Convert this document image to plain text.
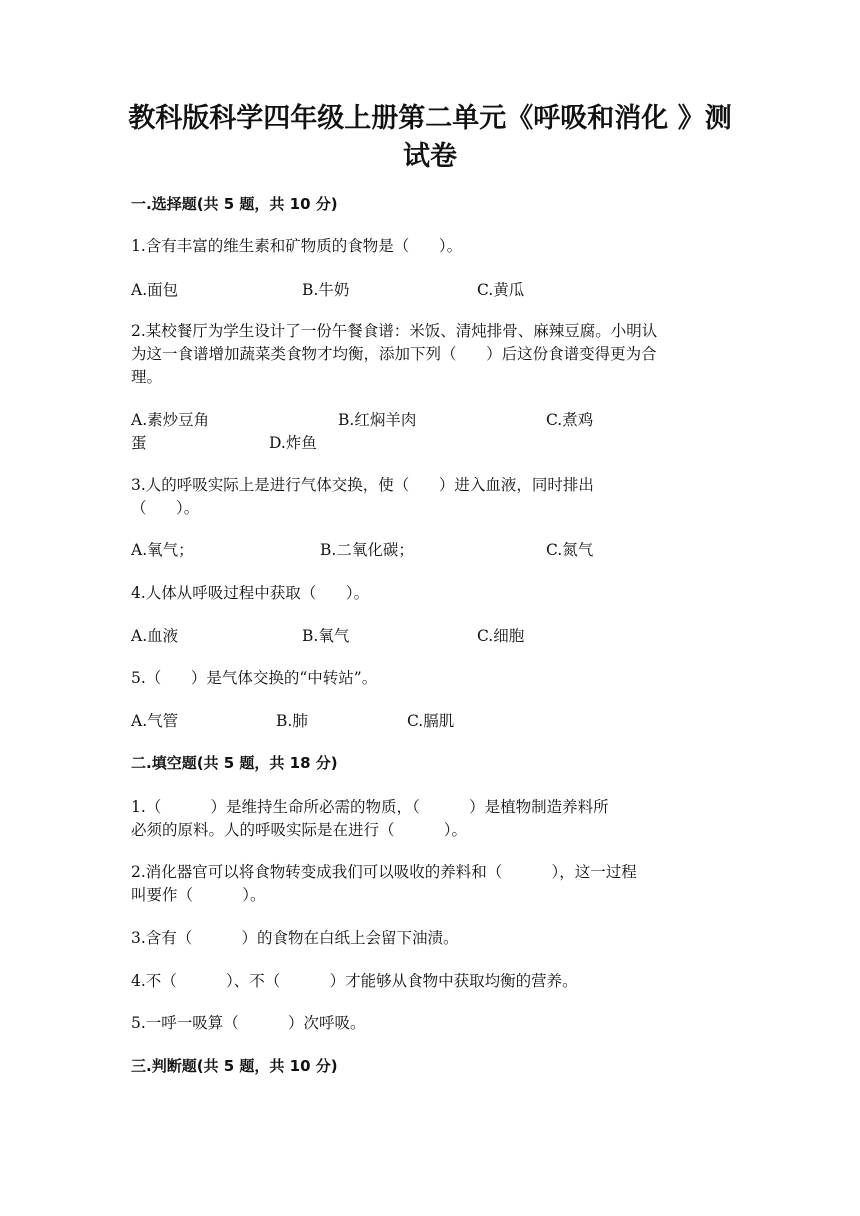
教科版科学四年级上册第二单元《呼吸和消化 》测
试卷
一.选择题(共 5 题，共 10 分)
1.含有丰富的维生素和矿物质的食物是（      ）。
A.面包	B.牛奶	C.黄瓜
2.某校餐厅为学生设计了一份午餐食谱：米饭、清炖排骨、麻辣豆腐。小明认
为这一食谱增加蔬菜类食物才均衡，添加下列（      ）后这份食谱变得更为合
理。
A.素炒豆角	B.红焖羊肉	C.煮鸡
蛋	D.炸鱼
3.人的呼吸实际上是进行气体交换，使（      ）进入血液，同时排出
（      ）。
A.氧气；	B.二氧化碳；	C.氮气
4.人体从呼吸过程中获取（      ）。
A.血液	B.氧气	C.细胞
5.（      ）是气体交换的“中转站”。
A.气管	B.肺	C.膈肌
二.填空题(共 5 题，共 18 分)
1.（          ）是维持生命所必需的物质，（          ）是植物制造养料所
必须的原料。人的呼吸实际是在进行（          ）。
2.消化器官可以将食物转变成我们可以吸收的养料和（          ），这一过程
叫要作（          ）。
3.含有（          ）的食物在白纸上会留下油渍。
4.不（          ）、不（          ）才能够从食物中获取均衡的营养。
5.一呼一吸算（          ）次呼吸。
三.判断题(共 5 题，共 10 分)
